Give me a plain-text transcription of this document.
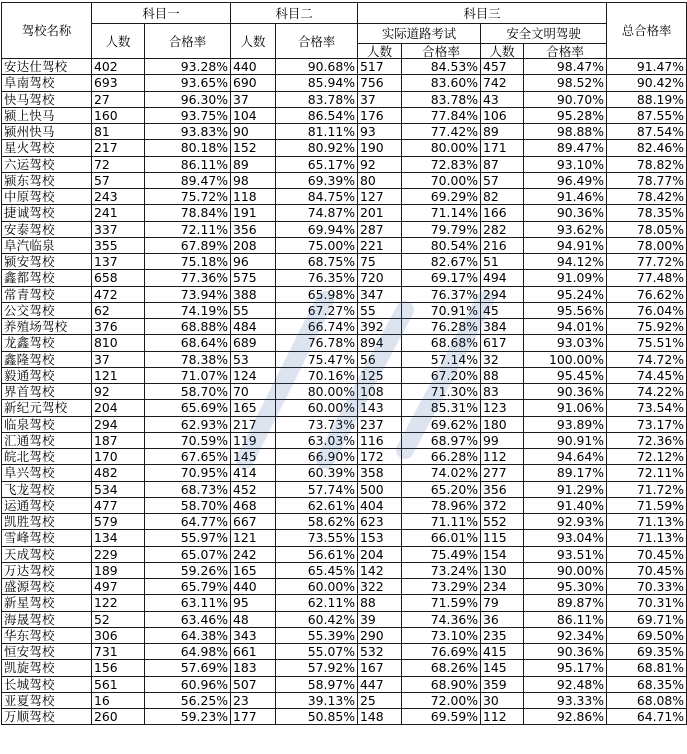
驾校名称	科目一		科目二		科目三				总合格率
	人数	合格率	人数	合格率	实际道路考试		安全文明驾驶		
					人数	合格率	人数	合格率	
安达仕驾校	402	93.28%	440	90.68%	517	84.53%	457	98.47%	91.47%
阜南驾校	693	93.65%	690	85.94%	756	83.60%	742	98.52%	90.42%
快马驾校	27	96.30%	37	83.78%	37	83.78%	43	90.70%	88.19%
颍上快马	160	93.75%	104	86.54%	176	77.84%	106	95.28%	87.55%
颍州快马	81	93.83%	90	81.11%	93	77.42%	89	98.88%	87.54%
星火驾校	217	80.18%	152	80.92%	190	80.00%	171	89.47%	82.46%
六运驾校	72	86.11%	89	65.17%	92	72.83%	87	93.10%	78.82%
颍东驾校	57	89.47%	98	69.39%	80	70.00%	57	96.49%	78.77%
中原驾校	243	75.72%	118	84.75%	127	69.29%	82	91.46%	78.42%
捷诚驾校	241	78.84%	191	74.87%	201	71.14%	166	90.36%	78.35%
安泰驾校	337	72.11%	356	69.94%	287	79.79%	282	93.62%	78.05%
阜汽临泉	355	67.89%	208	75.00%	221	80.54%	216	94.91%	78.00%
颍安驾校	137	75.18%	96	68.75%	75	82.67%	51	94.12%	77.72%
鑫都驾校	658	77.36%	575	76.35%	720	69.17%	494	91.09%	77.48%
常青驾校	472	73.94%	388	65.98%	347	76.37%	294	95.24%	76.62%
公交驾校	62	74.19%	55	67.27%	55	70.91%	45	95.56%	76.04%
养殖场驾校	376	68.88%	484	66.74%	392	76.28%	384	94.01%	75.92%
龙鑫驾校	810	68.64%	689	76.78%	894	68.68%	617	93.03%	75.51%
鑫隆驾校	37	78.38%	53	75.47%	56	57.14%	32	100.00%	74.72%
毅通驾校	121	71.07%	124	70.16%	125	67.20%	88	95.45%	74.45%
界首驾校	92	58.70%	70	80.00%	108	71.30%	83	90.36%	74.22%
新纪元驾校	204	65.69%	165	60.00%	143	85.31%	123	91.06%	73.54%
临泉驾校	294	62.93%	217	73.73%	237	69.62%	180	93.89%	73.17%
汇通驾校	187	70.59%	119	63.03%	116	68.97%	99	90.91%	72.36%
皖北驾校	170	67.65%	145	66.90%	172	66.28%	112	94.64%	72.12%
阜兴驾校	482	70.95%	414	60.39%	358	74.02%	277	89.17%	72.11%
飞龙驾校	534	68.73%	452	57.74%	500	65.20%	356	91.29%	71.72%
运通驾校	477	58.70%	468	62.61%	404	78.96%	372	91.40%	71.59%
凯胜驾校	579	64.77%	667	58.62%	623	71.11%	552	92.93%	71.13%
雪峰驾校	134	55.97%	121	73.55%	153	66.01%	115	93.04%	71.13%
天成驾校	229	65.07%	242	56.61%	204	75.49%	154	93.51%	70.45%
万达驾校	189	59.26%	165	65.45%	142	73.24%	130	90.00%	70.45%
盛源驾校	497	65.79%	440	60.00%	322	73.29%	234	95.30%	70.33%
新星驾校	122	63.11%	95	62.11%	88	71.59%	79	89.87%	70.31%
海晟驾校	52	63.46%	48	60.42%	39	74.36%	36	86.11%	69.71%
华东驾校	306	64.38%	343	55.39%	290	73.10%	235	92.34%	69.50%
恒安驾校	731	64.98%	661	55.07%	532	76.69%	415	90.36%	69.35%
凯旋驾校	156	57.69%	183	57.92%	167	68.26%	145	95.17%	68.81%
长城驾校	561	60.96%	507	58.97%	447	68.90%	359	92.48%	68.35%
亚夏驾校	16	56.25%	23	39.13%	25	72.00%	30	93.33%	68.08%
万顺驾校	260	59.23%	177	50.85%	148	69.59%	112	92.86%	64.71%
